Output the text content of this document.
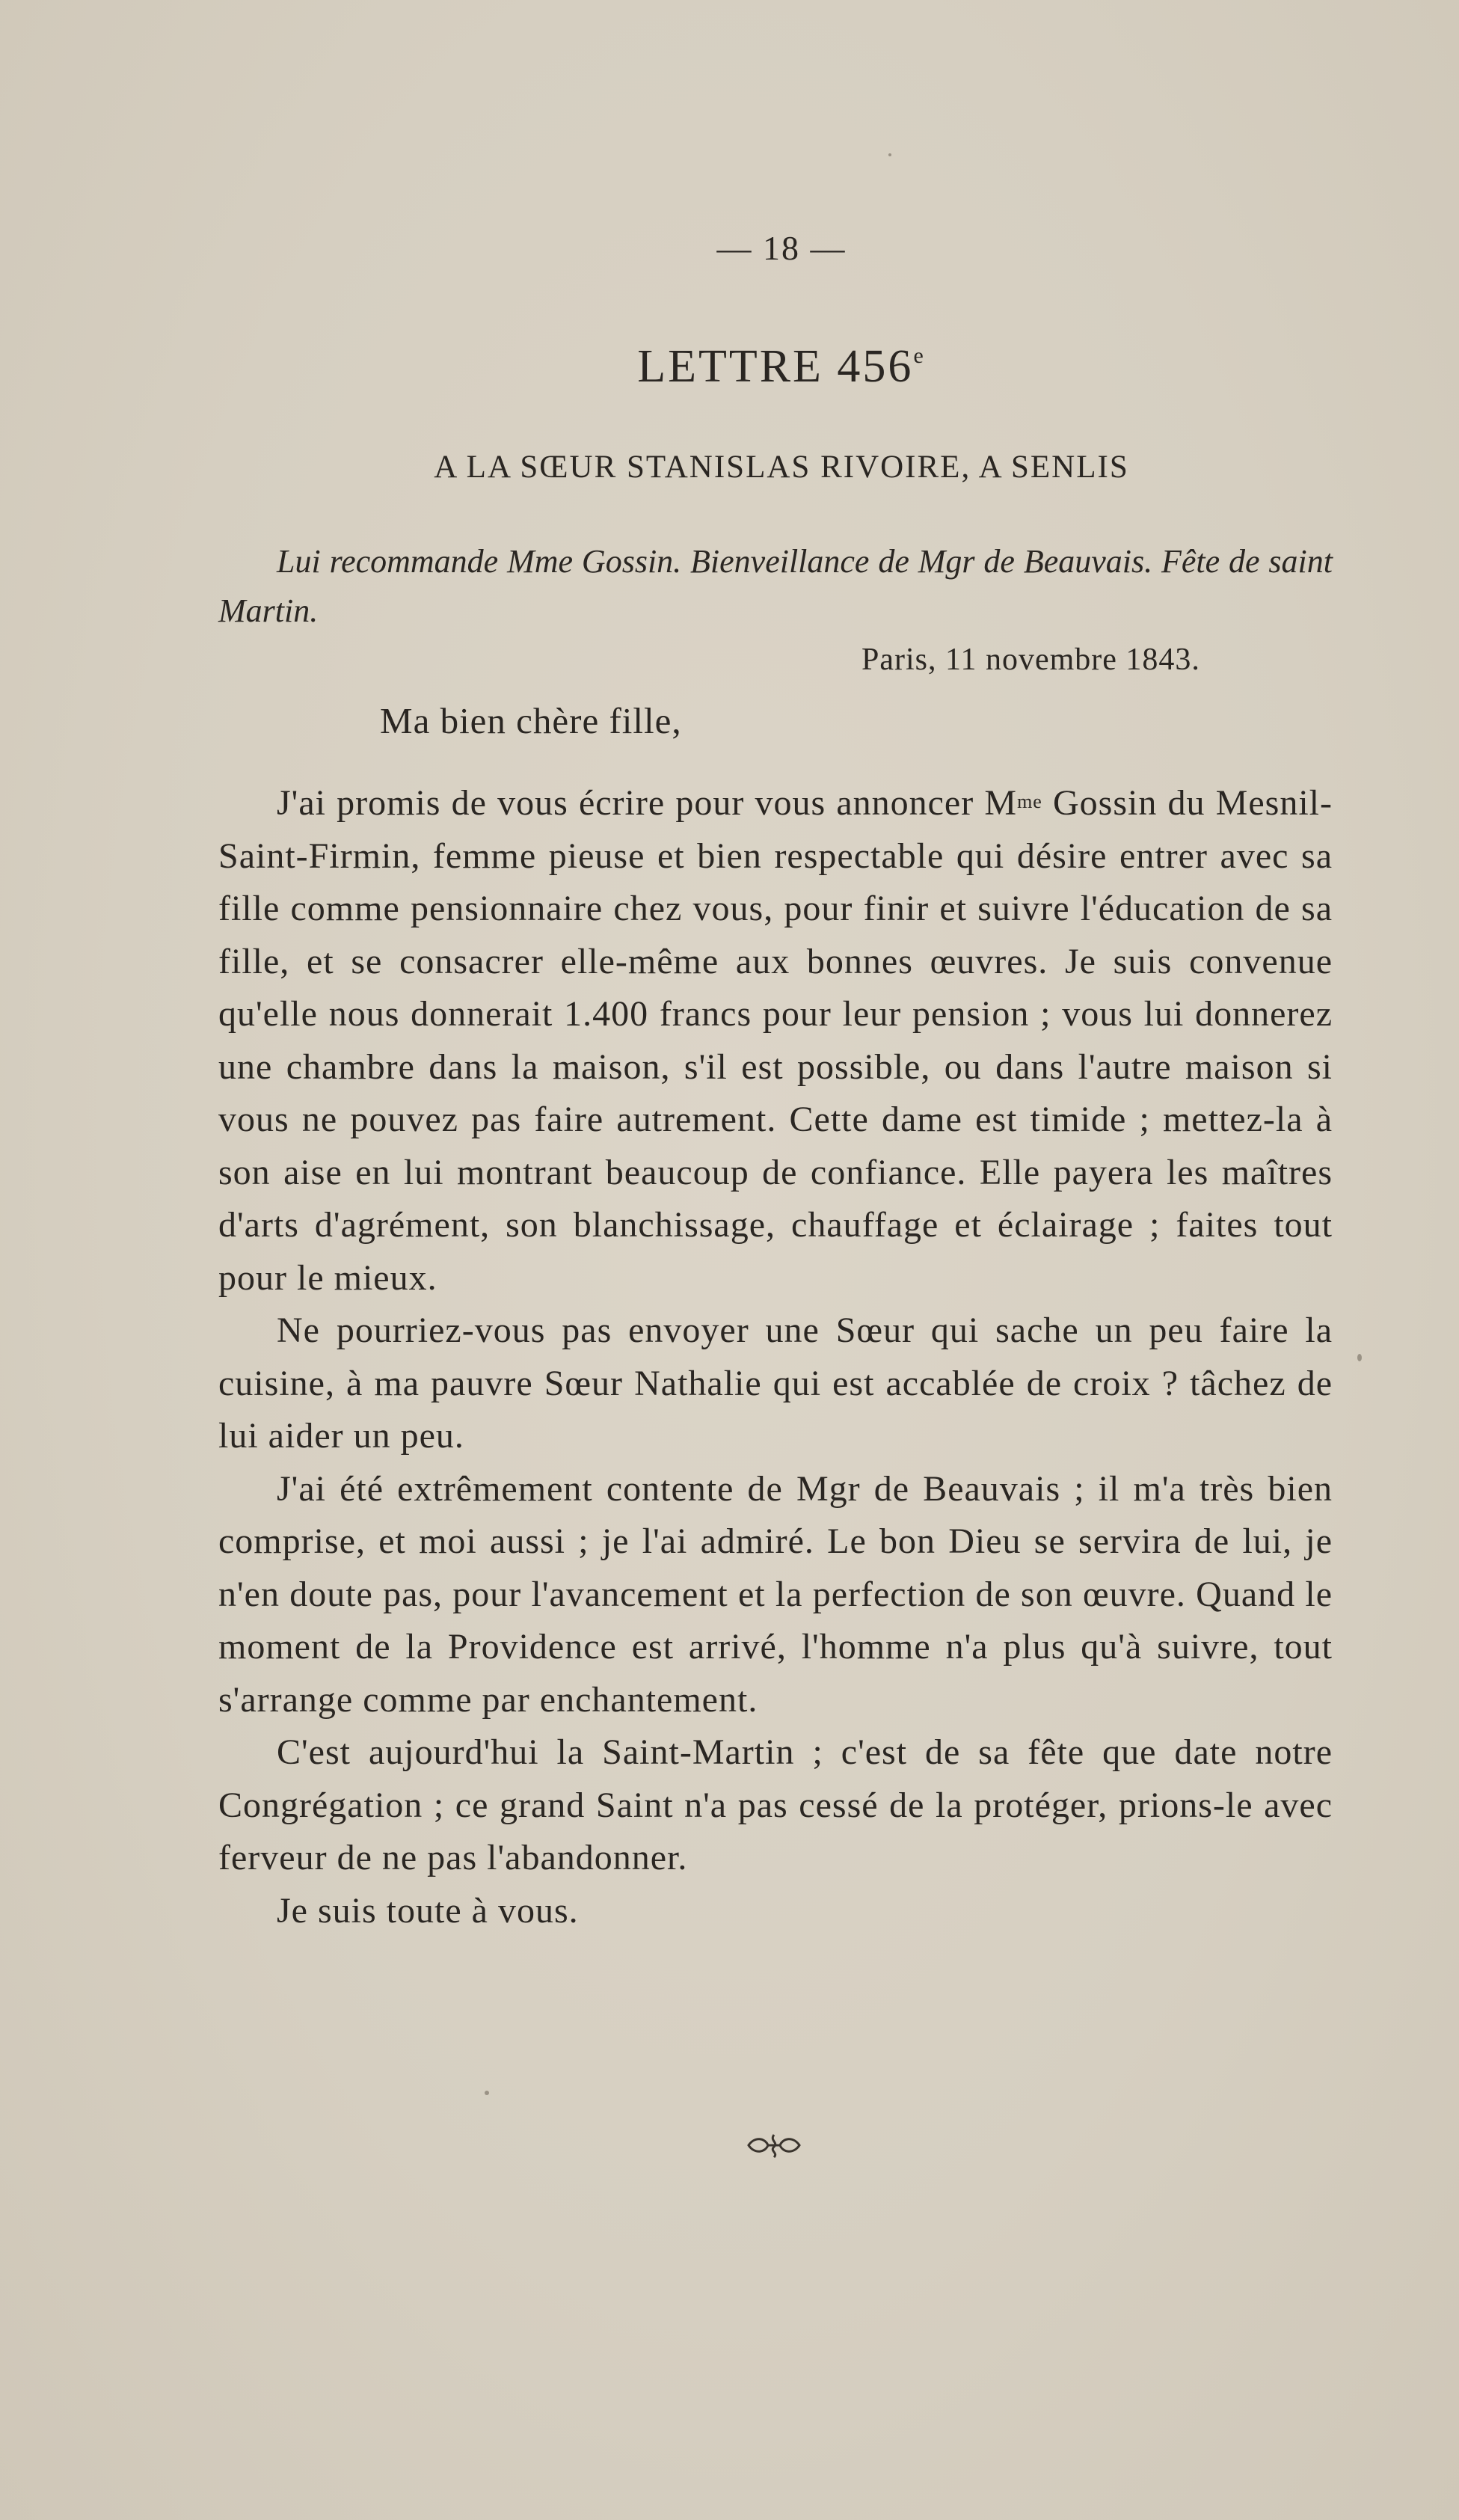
— 18 —
LETTRE 456e
A LA SŒUR STANISLAS RIVOIRE, A SENLIS

Lui recommande Mme Gossin. Bienveillance de Mgr de Beauvais. Fête de saint Martin.

Paris, 11 novembre 1843.
Ma bien chère fille,

J'ai promis de vous écrire pour vous annoncer $M^{me}$ Gossin du Mesnil-Saint-Firmin, femme pieuse et bien respectable qui désire entrer avec sa fille comme pensionnaire chez vous, pour finir et suivre l'éducation de sa fille, et se consacrer elle-même aux bonnes œuvres. Je suis convenue qu'elle nous donnerait 1.400 francs pour leur pension ; vous lui donnerez une chambre dans la maison, s'il est possible, ou dans l'autre maison si vous ne pouvez pas faire autrement. Cette dame est timide ; mettez-la à son aise en lui montrant beaucoup de confiance. Elle payera les maîtres d'arts d'agrément, son blanchissage, chauffage et éclairage ; faites tout pour le mieux.

Ne pourriez-vous pas envoyer une Sœur qui sache un peu faire la cuisine, à ma pauvre Sœur Nathalie qui est accablée de croix ? tâchez de lui aider un peu.

J'ai été extrêmement contente de Mgr de Beauvais ; il m'a très bien comprise, et moi aussi ; je l'ai admiré. Le bon Dieu se servira de lui, je n'en doute pas, pour l'avancement et la perfection de son œuvre. Quand le moment de la Providence est arrivé, l'homme n'a plus qu'à suivre, tout s'arrange comme par enchantement.

C'est aujourd'hui la Saint-Martin ; c'est de sa fête que date notre Congrégation ; ce grand Saint n'a pas cessé de la protéger, prions-le avec ferveur de ne pas l'abandonner.

Je suis toute à vous.
